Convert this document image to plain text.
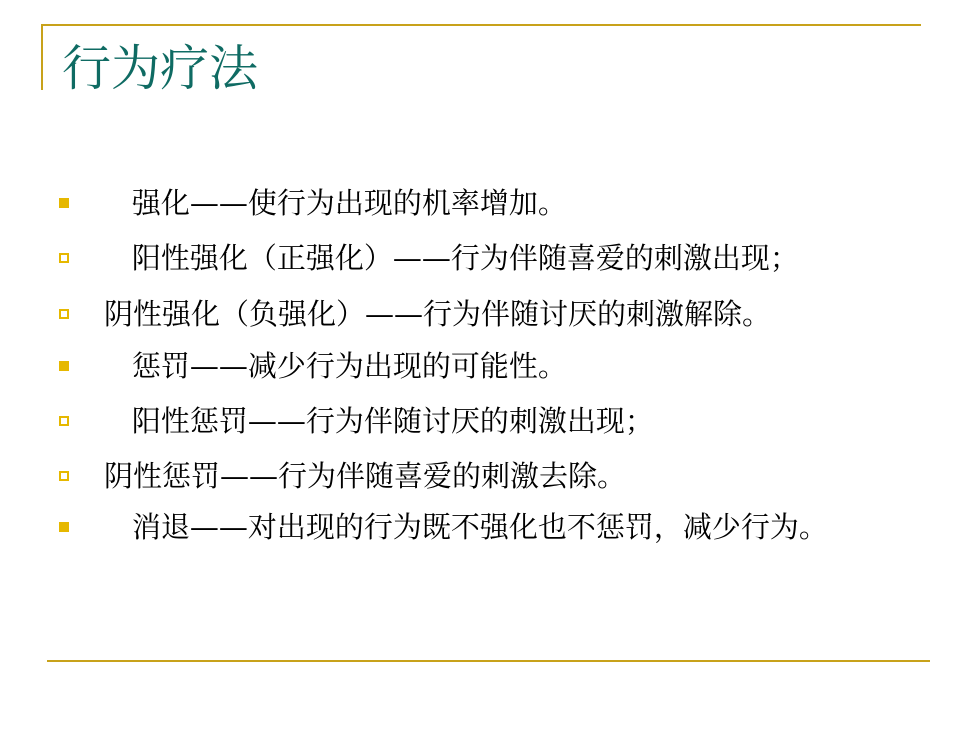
行为疗法
强化——使行为出现的机率增加。
阳性强化（正强化）——行为伴随喜爱的刺激出现；
阴性强化（负强化）——行为伴随讨厌的刺激解除。
惩罚——减少行为出现的可能性。
阳性惩罚——行为伴随讨厌的刺激出现；
阴性惩罚——行为伴随喜爱的刺激去除。
消退——对出现的行为既不强化也不惩罚，减少行为。
